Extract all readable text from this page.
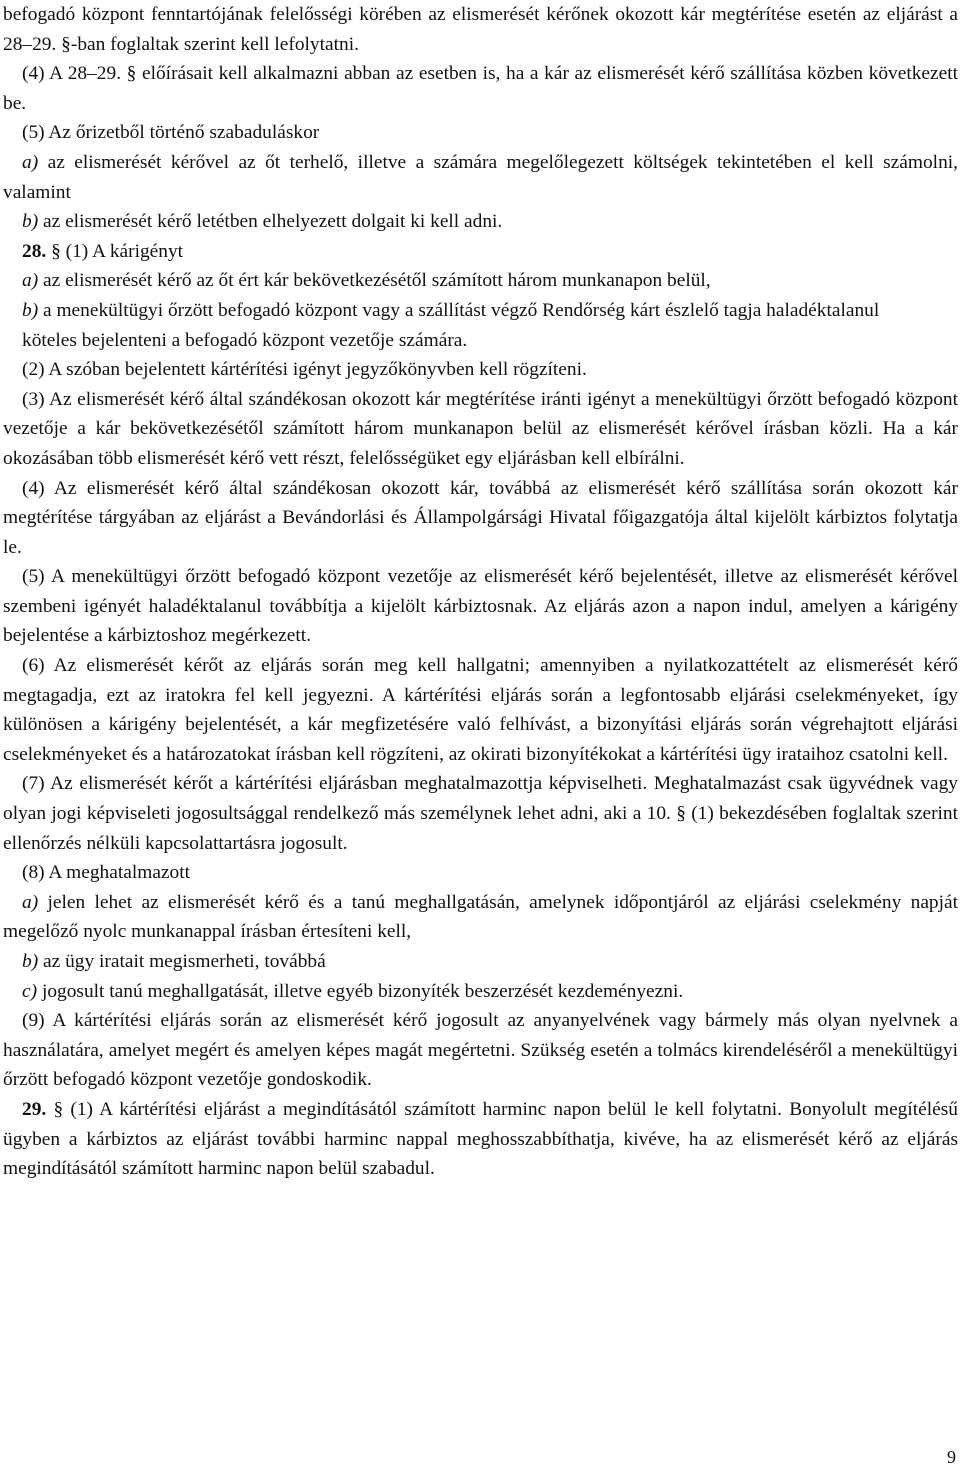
befogadó központ fenntartójának felelősségi körében az elismerését kérőnek okozott kár megtérítése esetén az eljárást a 28–29. §-ban foglaltak szerint kell lefolytatni.

(4) A 28–29. § előírásait kell alkalmazni abban az esetben is, ha a kár az elismerését kérő szállítása közben következett be.

(5) Az őrizetből történő szabaduláskor

a) az elismerését kérővel az őt terhelő, illetve a számára megelőlegezett költségek tekintetében el kell számolni, valamint

b) az elismerését kérő letétben elhelyezett dolgait ki kell adni.

28. § (1) A kárigényt

a) az elismerését kérő az őt ért kár bekövetkezésétől számított három munkanapon belül,

b) a menekültügyi őrzött befogadó központ vagy a szállítást végző Rendőrség kárt észlelő tagja haladéktalanul

köteles bejelenteni a befogadó központ vezetője számára.

(2) A szóban bejelentett kártérítési igényt jegyzőkönyvben kell rögzíteni.

(3) Az elismerését kérő által szándékosan okozott kár megtérítése iránti igényt a menekültügyi őrzött befogadó központ vezetője a kár bekövetkezésétől számított három munkanapon belül az elismerését kérővel írásban közli. Ha a kár okozásában több elismerését kérő vett részt, felelősségüket egy eljárásban kell elbírálni.

(4) Az elismerését kérő által szándékosan okozott kár, továbbá az elismerését kérő szállítása során okozott kár megtérítése tárgyában az eljárást a Bevándorlási és Állampolgársági Hivatal főigazgatója által kijelölt kárbiztos folytatja le.

(5) A menekültügyi őrzött befogadó központ vezetője az elismerését kérő bejelentését, illetve az elismerését kérővel szembeni igényét haladéktalanul továbbítja a kijelölt kárbiztosnak. Az eljárás azon a napon indul, amelyen a kárigény bejelentése a kárbiztoshoz megérkezett.

(6) Az elismerését kérőt az eljárás során meg kell hallgatni; amennyiben a nyilatkozattételt az elismerését kérő megtagadja, ezt az iratokra fel kell jegyezni. A kártérítési eljárás során a legfontosabb eljárási cselekményeket, így különösen a kárigény bejelentését, a kár megfizetésére való felhívást, a bizonyítási eljárás során végrehajtott eljárási cselekményeket és a határozatokat írásban kell rögzíteni, az okirati bizonyítékokat a kártérítési ügy irataihoz csatolni kell.

(7) Az elismerését kérőt a kártérítési eljárásban meghatalmazottja képviselheti. Meghatalmazást csak ügyvédnek vagy olyan jogi képviseleti jogosultsággal rendelkező más személynek lehet adni, aki a 10. § (1) bekezdésében foglaltak szerint ellenőrzés nélküli kapcsolattartásra jogosult.

(8) A meghatalmazott

a) jelen lehet az elismerését kérő és a tanú meghallgatásán, amelynek időpontjáról az eljárási cselekmény napját megelőző nyolc munkanappal írásban értesíteni kell,

b) az ügy iratait megismerheti, továbbá

c) jogosult tanú meghallgatását, illetve egyéb bizonyíték beszerzését kezdeményezni.

(9) A kártérítési eljárás során az elismerését kérő jogosult az anyanyelvének vagy bármely más olyan nyelvnek a használatára, amelyet megért és amelyen képes magát megértetni. Szükség esetén a tolmács kirendeléséről a menekültügyi őrzött befogadó központ vezetője gondoskodik.

29. § (1) A kártérítési eljárást a megindításától számított harminc napon belül le kell folytatni. Bonyolult megítélésű ügyben a kárbiztos az eljárást további harminc nappal meghosszabbíthatja, kivéve, ha az elismerését kérő az eljárás megindításától számított harminc napon belül szabadul.

9
